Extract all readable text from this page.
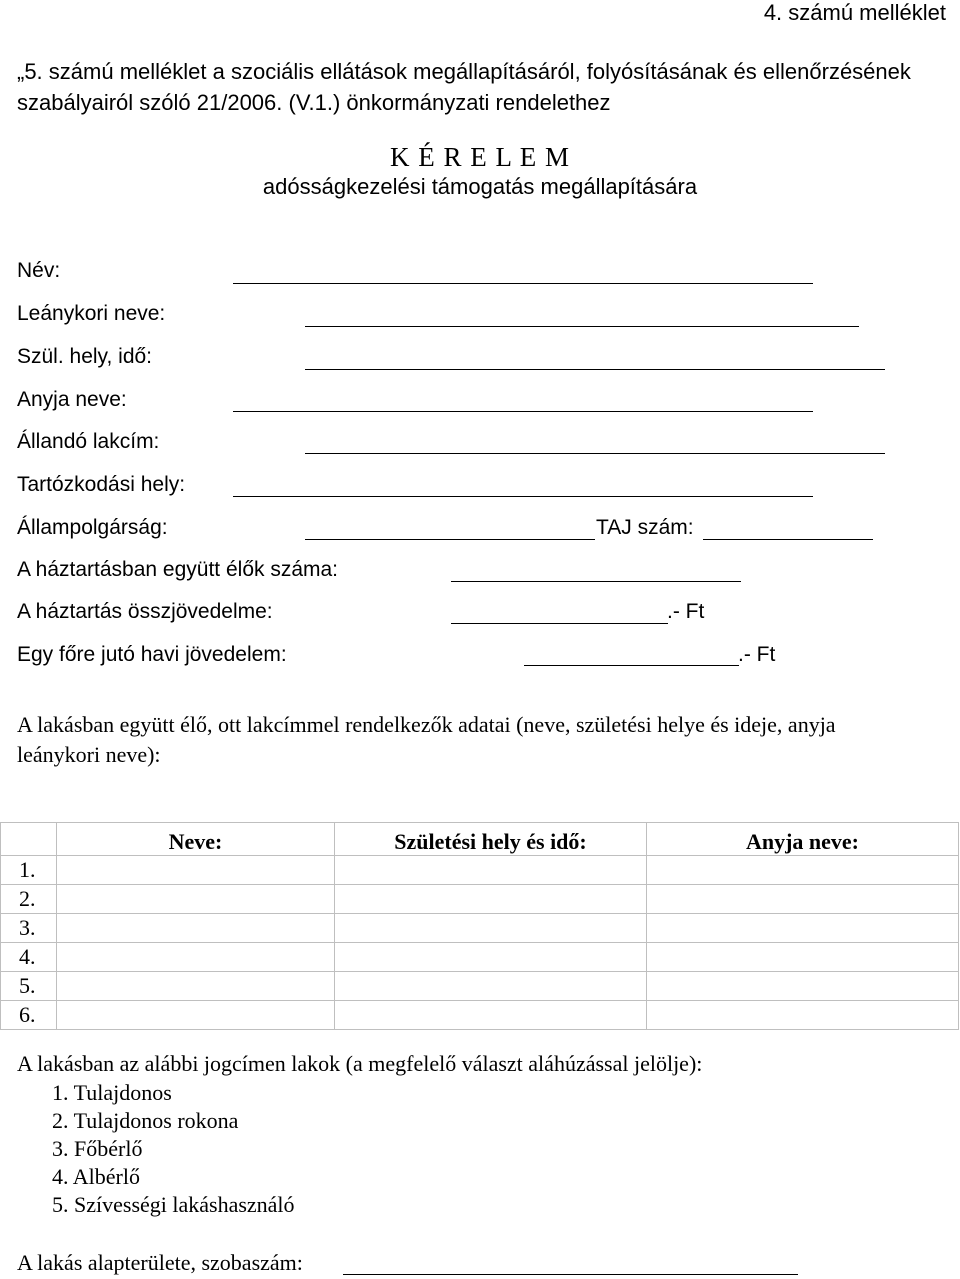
4. számú melléklet
„5. számú melléklet a szociális ellátások megállapításáról, folyósításának és ellenőrzésének
szabályairól szóló 21/2006. (V.1.) önkormányzati rendelethez
K É R E L E M
adósságkezelési támogatás megállapítására
Név:
Leánykori neve:
Szül. hely, idő:
Anyja neve:
Állandó lakcím:
Tartózkodási hely:
Állampolgárság:	TAJ szám:
A háztartásban együtt élők száma:
A háztartás összjövedelme:	.- Ft
Egy főre jutó havi jövedelem:	.- Ft
A lakásban együtt élő, ott lakcímmel rendelkezők adatai (neve, születési helye és ideje, anyja
leánykori neve):
	Neve:	Születési hely és idő:	Anyja neve:
1.			
2.			
3.			
4.			
5.			
6.			
A lakásban az alábbi jogcímen lakok (a megfelelő választ aláhúzással jelölje):
1. Tulajdonos
2. Tulajdonos rokona
3. Főbérlő
4. Albérlő
5. Szívességi lakáshasználó
A lakás alapterülete, szobaszám:
